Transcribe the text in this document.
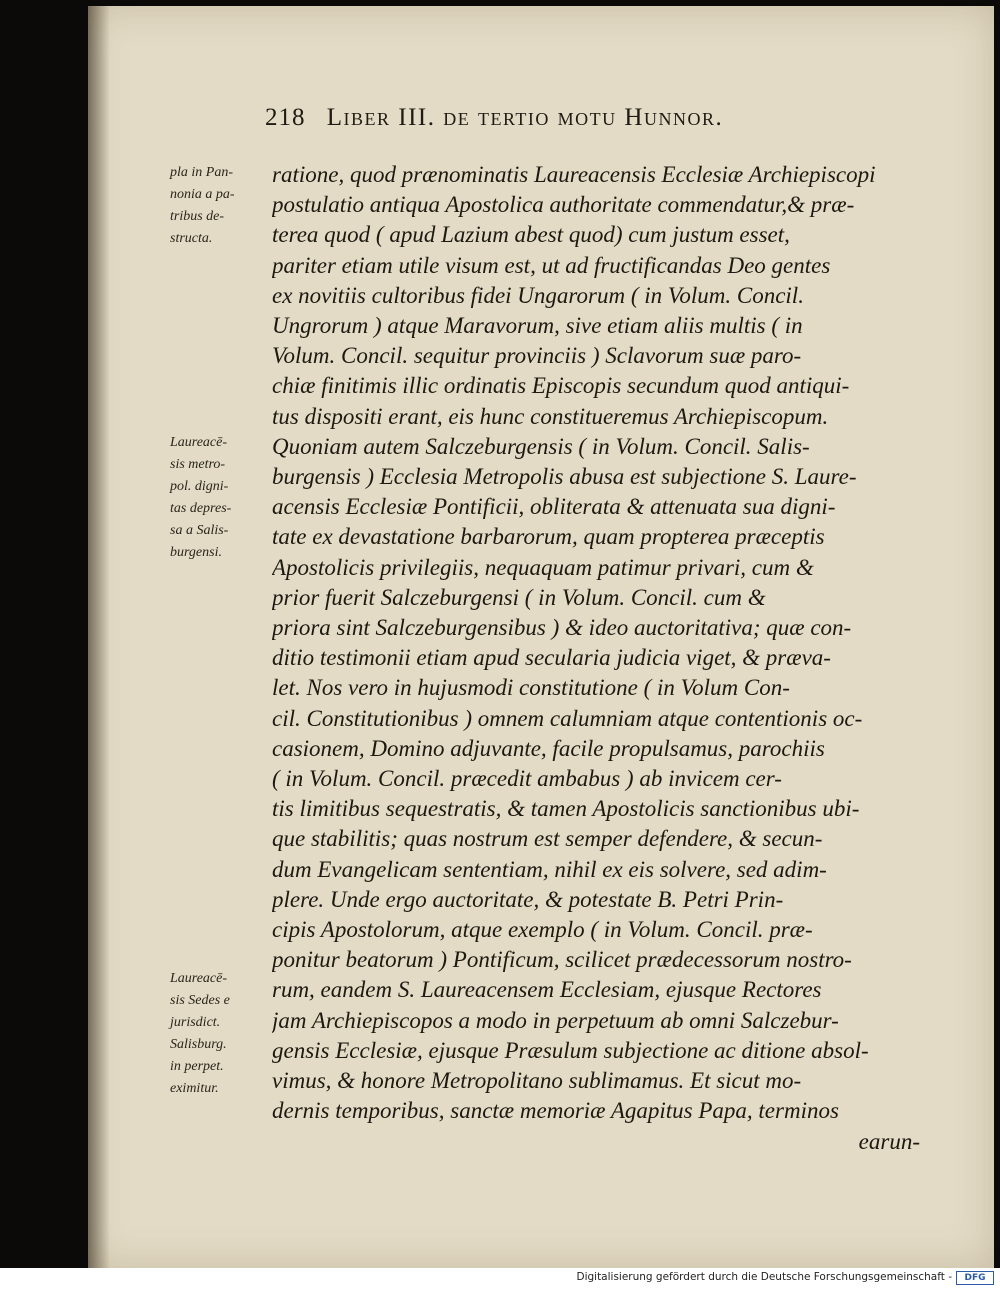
218 Liber III. de tertio motu Hunnor.
pla in Pan-
nonia a pa-
tribus de-
structa.
Laureacē-
sis metro-
pol. digni-
tas depres-
sa a Salis-
burgensi.
Laureacē-
sis Sedes e
jurisdict.
Salisburg.
in perpet.
eximitur.
ratione, quod prænominatis Laureacensis Ecclesiæ Archiepiscopi
postulatio antiqua Apostolica authoritate commendatur,& præ-
terea quod ( apud Lazium abest quod) cum justum esset,
pariter etiam utile visum est, ut ad fructificandas Deo gentes
ex novitiis cultoribus fidei Ungarorum ( in Volum. Concil.
Ungrorum ) atque Maravorum, sive etiam aliis multis ( in
Volum. Concil. sequitur provinciis ) Sclavorum suæ paro-
chiæ finitimis illic ordinatis Episcopis secundum quod antiqui-
tus dispositi erant, eis hunc constitueremus Archiepiscopum.
Quoniam autem Salczeburgensis ( in Volum. Concil. Salis-
burgensis ) Ecclesia Metropolis abusa est subjectione S. Laure-
acensis Ecclesiæ Pontificii, obliterata & attenuata sua digni-
tate ex devastatione barbarorum, quam propterea præceptis
Apostolicis privilegiis, nequaquam patimur privari, cum &
prior fuerit Salczeburgensi ( in Volum. Concil. cum &
priora sint Salczeburgensibus ) & ideo auctoritativa; quæ con-
ditio testimonii etiam apud secularia judicia viget, & præva-
let. Nos vero in hujusmodi constitutione ( in Volum Con-
cil. Constitutionibus ) omnem calumniam atque contentionis oc-
casionem, Domino adjuvante, facile propulsamus, parochiis
( in Volum. Concil. præcedit ambabus ) ab invicem cer-
tis limitibus sequestratis, & tamen Apostolicis sanctionibus ubi-
que stabilitis; quas nostrum est semper defendere, & secun-
dum Evangelicam sententiam, nihil ex eis solvere, sed adim-
plere. Unde ergo auctoritate, & potestate B. Petri Prin-
cipis Apostolorum, atque exemplo ( in Volum. Concil. præ-
ponitur beatorum ) Pontificum, scilicet prædecessorum nostro-
rum, eandem S. Laureacensem Ecclesiam, ejusque Rectores
jam Archiepiscopos a modo in perpetuum ab omni Salczebur-
gensis Ecclesiæ, ejusque Præsulum subjectione ac ditione absol-
vimus, & honore Metropolitano sublimamus. Et sicut mo-
dernis temporibus, sanctæ memoriæ Agapitus Papa, terminos
earun-
Digitalisierung gefördert durch die Deutsche Forschungsgemeinschaft -	DFG
